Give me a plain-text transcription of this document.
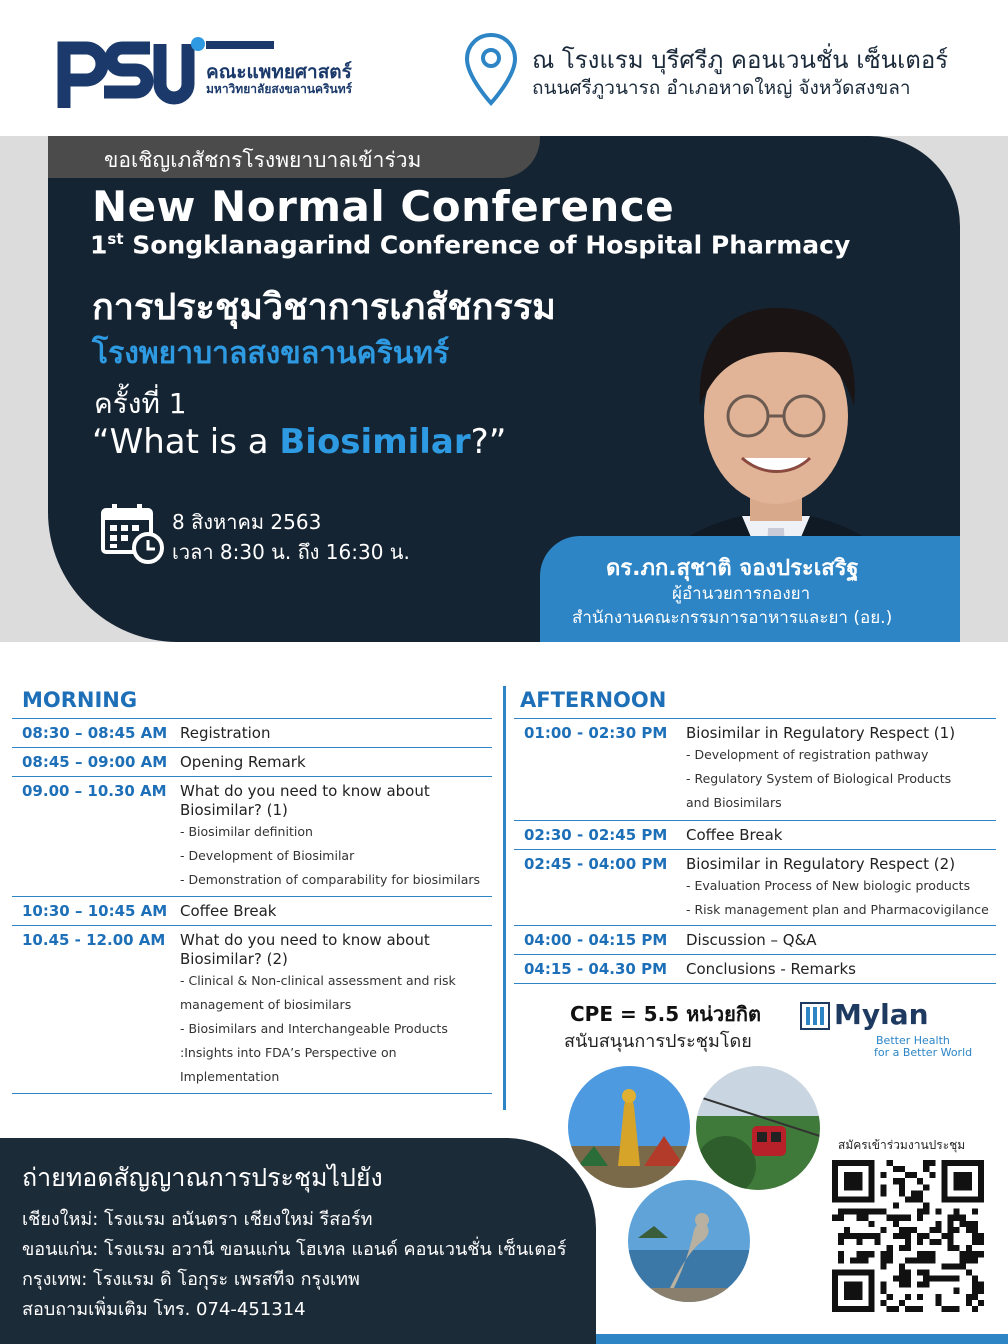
คณะแพทยศาสตร์
มหาวิทยาลัยสงขลานครินทร์
ณ โรงแรม บุรีศรีภู คอนเวนชั่น เซ็นเตอร์
ถนนศรีภูวนารถ อำเภอหาดใหญ่ จังหวัดสงขลา
ขอเชิญเภสัชกรโรงพยาบาลเข้าร่วม
New Normal Conference
1st Songklanagarind Conference of Hospital Pharmacy
การประชุมวิชาการเภสัชกรรม
โรงพยาบาลสงขลานครินทร์
ครั้งที่ 1
“What is a Biosimilar?”
8 สิงหาคม 2563
เวลา 8:30 น. ถึง 16:30 น.
ดร.ภก.สุชาติ จองประเสริฐ
ผู้อำนวยการกองยา
สำนักงานคณะกรรมการอาหารและยา (อย.)
MORNING	AFTERNOON
08:30 – 08:45 AM Registration
08:45 – 09:00 AM Opening Remark
09.00 – 10.30 AM What do you need to know about
Biosimilar? (1)
- Biosimilar definition
- Development of Biosimilar
- Demonstration of comparability for biosimilars
10:30 – 10:45 AM Coffee Break
10.45 - 12.00 AM What do you need to know about
Biosimilar? (2)
- Clinical & Non-clinical assessment and risk
management of biosimilars
- Biosimilars and Interchangeable Products
:Insights into FDA’s Perspective on
Implementation
01:00 - 02:30 PM Biosimilar in Regulatory Respect (1)
- Development of registration pathway
- Regulatory System of Biological Products
and Biosimilars
02:30 - 02:45 PM Coffee Break
02:45 - 04:00 PM Biosimilar in Regulatory Respect (2)
- Evaluation Process of New biologic products
- Risk management plan and Pharmacovigilance
04:00 - 04:15 PM Discussion – Q&A
04:15 - 04.30 PM Conclusions - Remarks
ถ่ายทอดสัญญาณการประชุมไปยัง
เชียงใหม่: โรงแรม อนันตรา เชียงใหม่ รีสอร์ท
ขอนแก่น: โรงแรม อวานี ขอนแก่น โฮเทล แอนด์ คอนเวนชั่น เซ็นเตอร์
กรุงเทพ: โรงแรม ดิ โอกุระ เพรสทีจ กรุงเทพ
สอบถามเพิ่มเติม โทร. 074-451314
CPE = 5.5 หน่วยกิต
สนับสนุนการประชุมโดย
Mylan
Better Health
for a Better World
สมัครเข้าร่วมงานประชุม
